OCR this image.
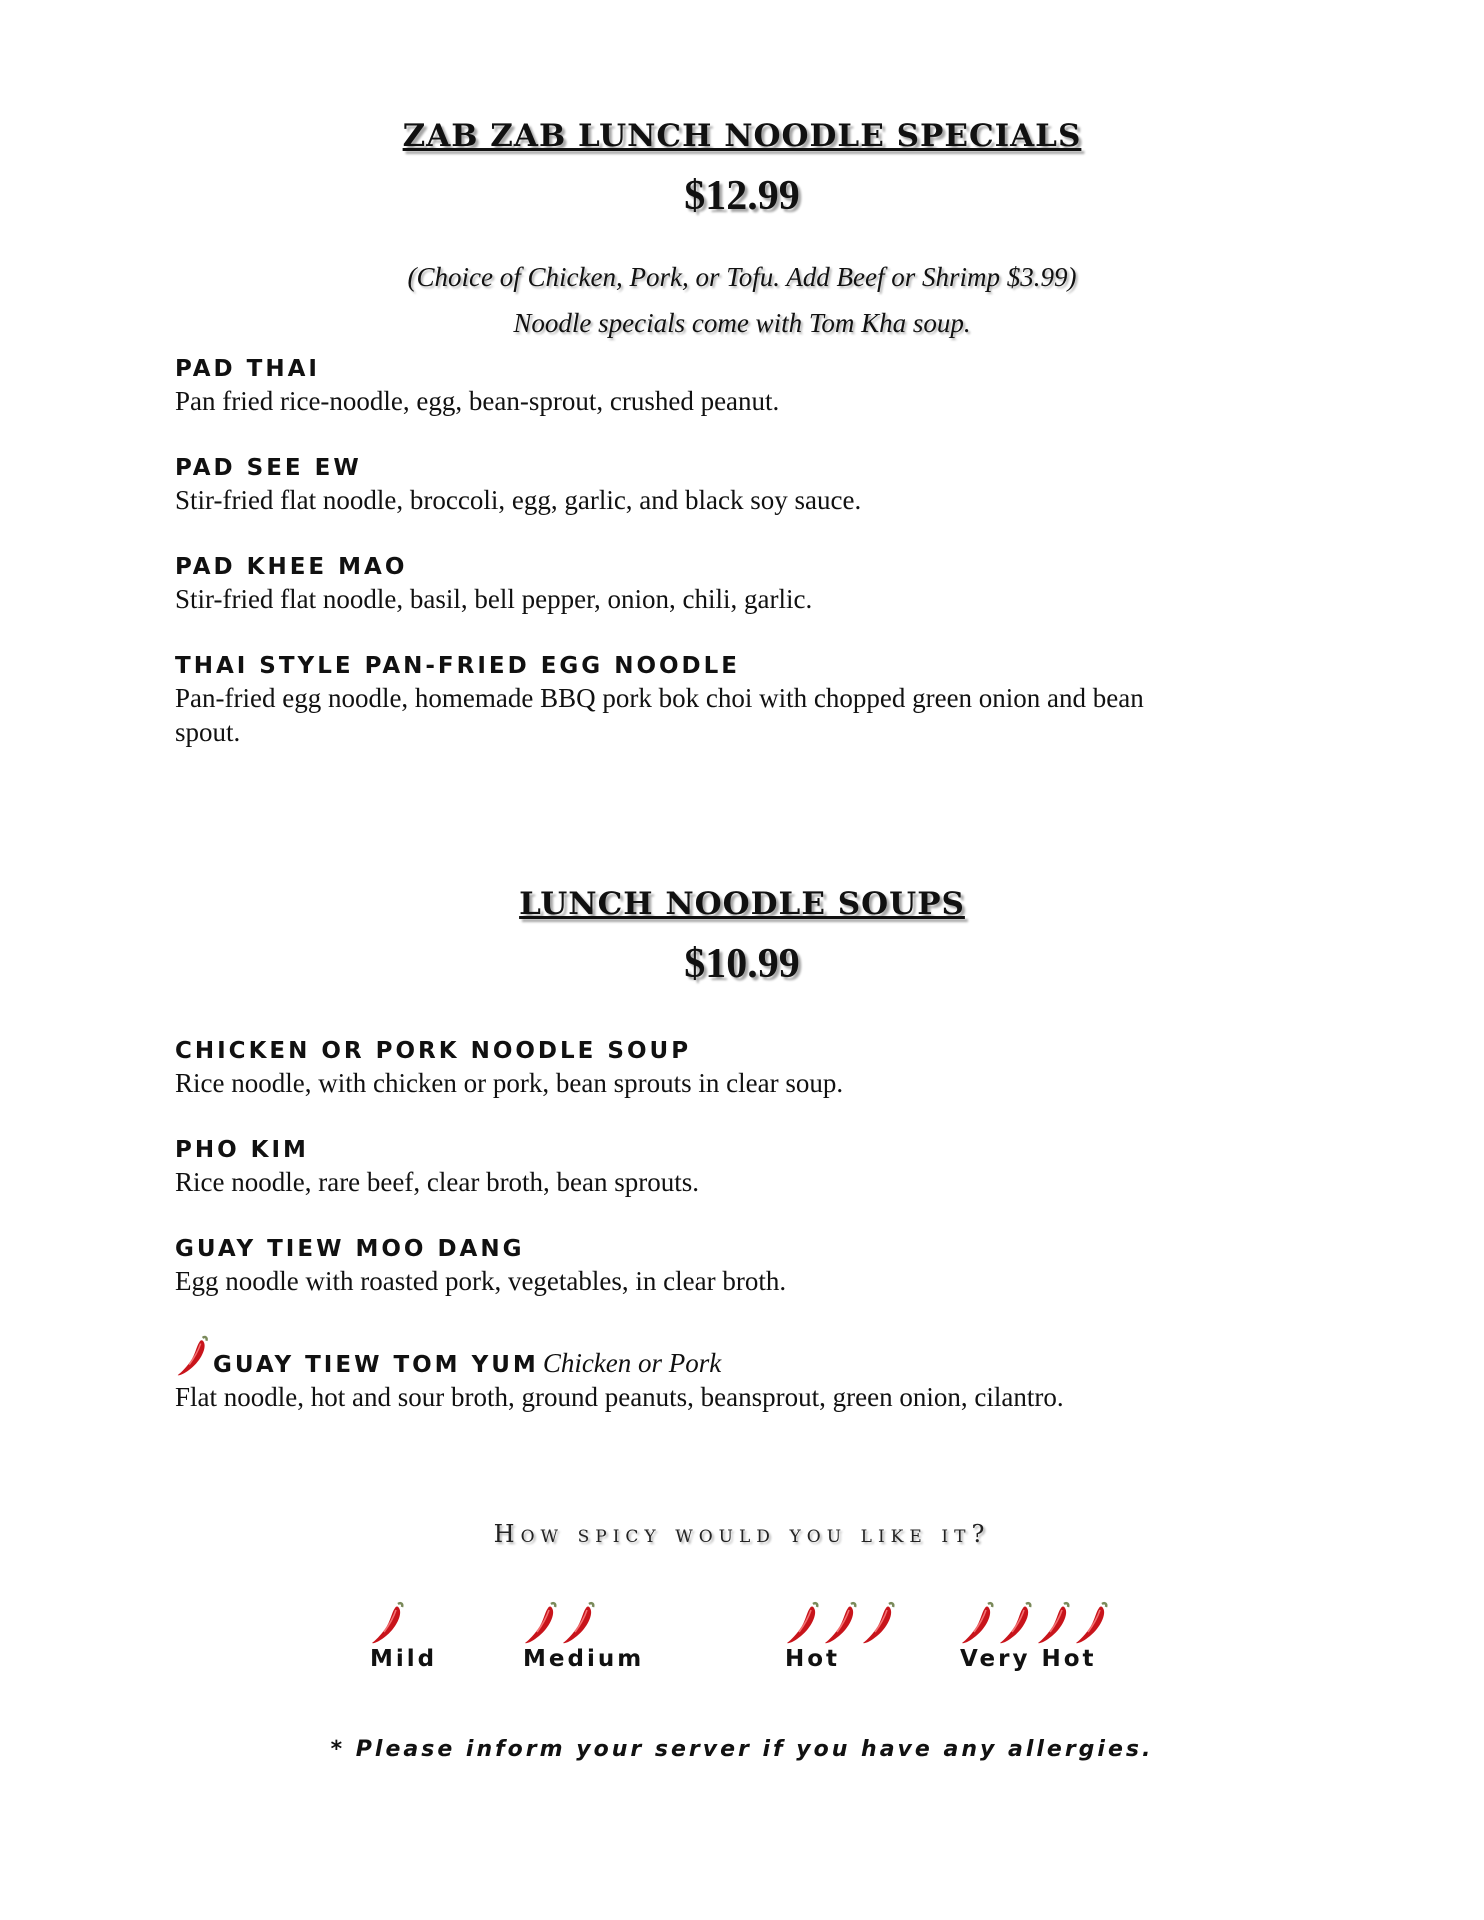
ZAB ZAB LUNCH NOODLE SPECIALS
$12.99
(Choice of Chicken, Pork, or Tofu. Add Beef or Shrimp $3.99)
Noodle specials come with Tom Kha soup.
PAD THAI
Pan fried rice-noodle, egg, bean-sprout, crushed peanut.
PAD SEE EW
Stir-fried flat noodle, broccoli, egg, garlic, and black soy sauce.
PAD KHEE MAO
Stir-fried flat noodle, basil, bell pepper, onion, chili, garlic.
THAI STYLE PAN-FRIED EGG NOODLE
Pan-fried egg noodle, homemade BBQ pork bok choi with chopped green onion and bean spout.
LUNCH NOODLE SOUPS
$10.99
CHICKEN OR PORK NOODLE SOUP
Rice noodle, with chicken or pork, bean sprouts in clear soup.
PHO KIM
Rice noodle, rare beef, clear broth, bean sprouts.
GUAY TIEW MOO DANG
Egg noodle with roasted pork, vegetables, in clear broth.
GUAY TIEW TOM YUM Chicken or Pork
Flat noodle, hot and sour broth, ground peanuts, beansprout, green onion, cilantro.
How spicy would you like it?
Mild	Medium	Hot	Very Hot
* Please inform your server if you have any allergies.
